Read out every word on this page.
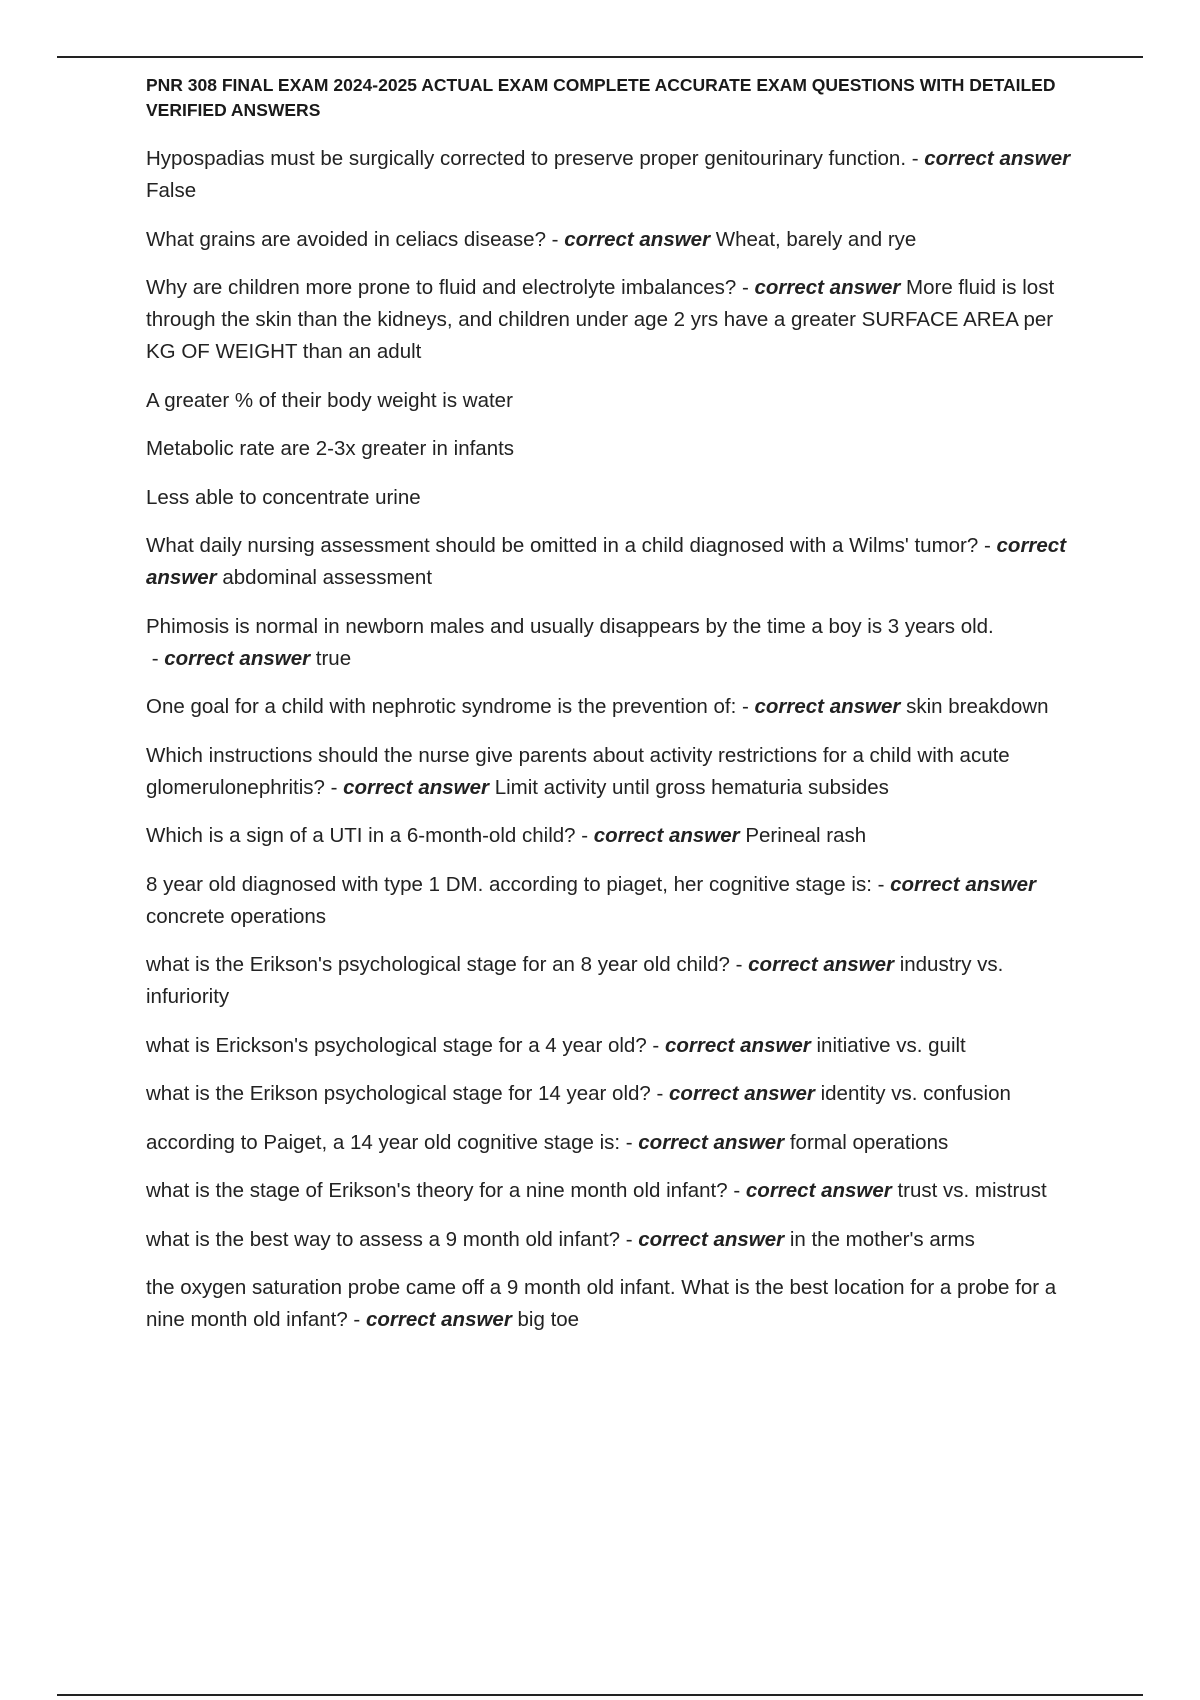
PNR 308 FINAL EXAM 2024-2025 ACTUAL EXAM COMPLETE ACCURATE EXAM QUESTIONS WITH DETAILED VERIFIED ANSWERS
Hypospadias must be surgically corrected to preserve proper genitourinary function. - correct answer False
What grains are avoided in celiacs disease? - correct answer Wheat, barely and rye
Why are children more prone to fluid and electrolyte imbalances? - correct answer More fluid is lost through the skin than the kidneys, and children under age 2 yrs have a greater SURFACE AREA per KG OF WEIGHT than an adult
A greater % of their body weight is water
Metabolic rate are 2-3x greater in infants
Less able to concentrate urine
What daily nursing assessment should be omitted in a child diagnosed with a Wilms' tumor? - correct answer abdominal assessment
Phimosis is normal in newborn males and usually disappears by the time a boy is 3 years old. - correct answer true
One goal for a child with nephrotic syndrome is the prevention of: - correct answer skin breakdown
Which instructions should the nurse give parents about activity restrictions for a child with acute glomerulonephritis? - correct answer Limit activity until gross hematuria subsides
Which is a sign of a UTI in a 6-month-old child? - correct answer Perineal rash
8 year old diagnosed with type 1 DM. according to piaget, her cognitive stage is: - correct answer concrete operations
what is the Erikson's psychological stage for an 8 year old child? - correct answer industry vs. infuriority
what is Erickson's psychological stage for a 4 year old? - correct answer initiative vs. guilt
what is the Erikson psychological stage for 14 year old? - correct answer identity vs. confusion
according to Paiget, a 14 year old cognitive stage is: - correct answer formal operations
what is the stage of Erikson's theory for a nine month old infant? - correct answer trust vs. mistrust
what is the best way to assess a 9 month old infant? - correct answer in the mother's arms
the oxygen saturation probe came off a 9 month old infant. What is the best location for a probe for a nine month old infant? - correct answer big toe
